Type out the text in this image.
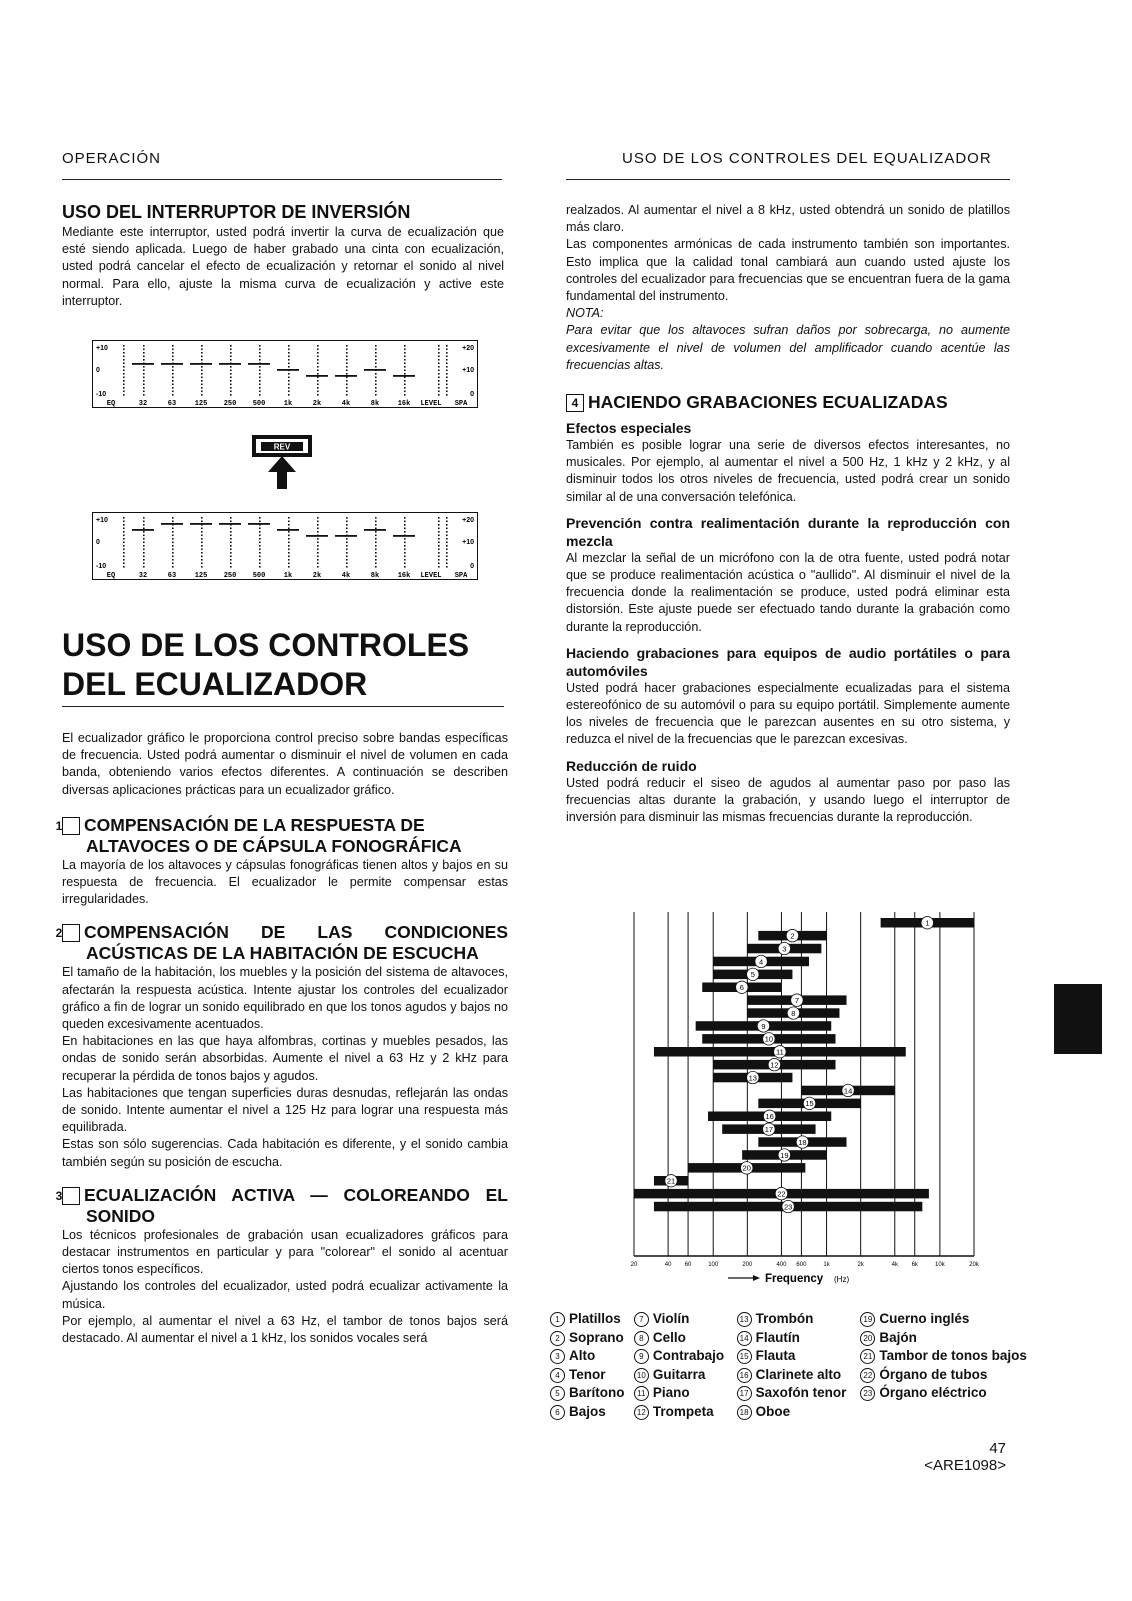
OPERACIÓN	USO DE LOS CONTROLES DEL EQUALIZADOR
USO DEL INTERRUPTOR DE INVERSIÓN

Mediante este interruptor, usted podrá invertir la curva de ecualización que esté siendo aplicada. Luego de haber grabado una cinta con ecualización, usted podrá cancelar el efecto de ecualización y retornar el sonido al nivel normal. Para ello, ajuste la misma curva de ecualización y active este interruptor.

+10
0
-10
+20
+10
0
EQ	32	63	125 250 500	1k	2k	4k	8k	16k LEVEL SPA
REV
+10
0
-10
+20
+10
0
EQ	32	63	125 250 500	1k	2k	4k	8k	16k LEVEL SPA
USO DE LOS CONTROLES
DEL ECUALIZADOR

El ecualizador gráfico le proporciona control preciso sobre bandas específicas de frecuencia. Usted podrá aumentar o disminuir el nivel de volumen en cada banda, obteniendo varios efectos diferentes. A continuación se describen diversas aplicaciones prácticas para un ecualizador gráfico.

1 COMPENSACIÓN DE LA RESPUESTA DE ALTAVOCES O DE CÁPSULA FONOGRÁFICA

La mayoría de los altavoces y cápsulas fonográficas tienen altos y bajos en su respuesta de frecuencia. El ecualizador le permite compensar estas irregularidades.

2 COMPENSACIÓN DE LAS CONDICIONES ACÚSTICAS DE LA HABITACIÓN DE ESCUCHA

El tamaño de la habitación, los muebles y la posición del sistema de altavoces, afectarán la respuesta acústica. Intente ajustar los controles del ecualizador gráfico a fin de lograr un sonido equilibrado en que los tonos agudos y bajos no queden excesivamente acentuados.

En habitaciones en las que haya alfombras, cortinas y muebles pesados, las ondas de sonido serán absorbidas. Aumente el nivel a 63 Hz y 2 kHz para recuperar la pérdida de tonos bajos y agudos.

Las habitaciones que tengan superficies duras desnudas, reflejarán las ondas de sonido. Intente aumentar el nivel a 125 Hz para lograr una respuesta más equilibrada.

Estas son sólo sugerencias. Cada habitación es diferente, y el sonido cambia también según su posición de escucha.

3 ECUALIZACIÓN ACTIVA — COLOREANDO EL SONIDO

Los técnicos profesionales de grabación usan ecualizadores gráficos para destacar instrumentos en particular y para "colorear" el sonido al acentuar ciertos tonos específicos.

Ajustando los controles del ecualizador, usted podrá ecualizar activamente la música.

Por ejemplo, al aumentar el nivel a 63 Hz, el tambor de tonos bajos será destacado. Al aumentar el nivel a 1 kHz, los sonidos vocales será

realzados. Al aumentar el nivel a 8 kHz, usted obtendrá un sonido de platillos más claro.

Las componentes armónicas de cada instrumento también son importantes. Esto implica que la calidad tonal cambiará aun cuando usted ajuste los controles del ecualizador para frecuencias que se encuentran fuera de la gama fundamental del instrumento.

NOTA:

Para evitar que los altavoces sufran daños por sobrecarga, no aumente excesivamente el nivel de volumen del amplificador cuando acentúe las frecuencias altas.

4 HACIENDO GRABACIONES ECUALIZADAS

Efectos especiales

También es posible lograr una serie de diversos efectos interesantes, no musicales. Por ejemplo, al aumentar el nivel a 500 Hz, 1 kHz y 2 kHz, y al disminuir todos los otros niveles de frecuencia, usted podrá crear un sonido similar al de una conversación telefónica.

Prevención contra realimentación durante la reproducción con mezcla

Al mezclar la señal de un micrófono con la de otra fuente, usted podrá notar que se produce realimentación acústica o "aullido". Al disminuir el nivel de la frecuencia donde la realimentación se produce, usted podrá eliminar esta distorsión. Este ajuste puede ser efectuado tando durante la grabación como durante la reproducción.

Haciendo grabaciones para equipos de audio portátiles o para automóviles

Usted podrá hacer grabaciones especialmente ecualizadas para el sistema estereofónico de su automóvil o para su equipo portátil. Simplemente aumente los niveles de frecuencia que le parezcan ausentes en su otro sistema, y reduzca el nivel de la frecuencias que le parezcan excesivas.

Reducción de ruido

Usted podrá reducir el siseo de agudos al aumentar paso por paso las frecuencias altas durante la grabación, y usando luego el interruptor de inversión para disminuir las mismas frecuencias durante la reproducción.

1
2
3
4
5
6
7
8
9
10
11
12
13
14
15
16
17
18
19
20
21
22
23
20	40 60	100	200	400 600	1k	2k	4k 6k	10k	20k
Frequency (Hz)
1 Platillos
2 Soprano
3 Alto
4 Tenor
5 Barítono
6 Bajos
7 Violín
8 Cello
9 Contrabajo
10 Guitarra
11 Piano
12 Trompeta
13 Trombón
14 Flautín
15 Flauta
16 Clarinete alto
17 Saxofón tenor
18 Oboe
19 Cuerno inglés
20 Bajón
21 Tambor de tonos bajos
22 Órgano de tubos
23 Órgano eléctrico
47
<ARE1098>
